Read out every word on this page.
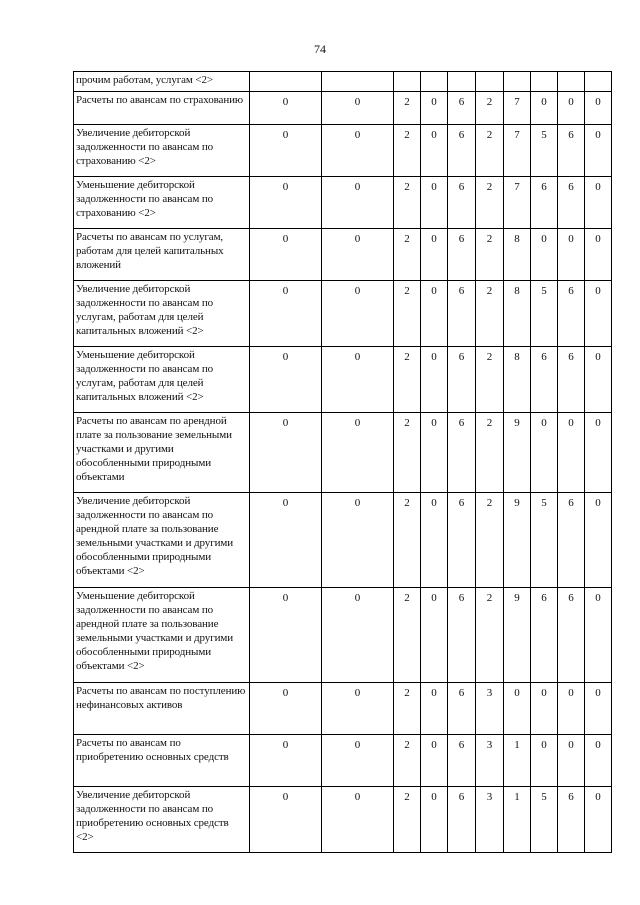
74
прочим работам, услугам <2>										
Расчеты по авансам по страхованию	0	0	2	0	6	2	7	0	0	0
Увеличение дебиторской задолженности по авансам по страхованию <2>	0	0	2	0	6	2	7	5	6	0
Уменьшение дебиторской задолженности по авансам по страхованию <2>	0	0	2	0	6	2	7	6	6	0
Расчеты по авансам по услугам, работам для целей капитальных вложений	0	0	2	0	6	2	8	0	0	0
Увеличение дебиторской задолженности по авансам по услугам, работам для целей капитальных вложений <2>	0	0	2	0	6	2	8	5	6	0
Уменьшение дебиторской задолженности по авансам по услугам, работам для целей капитальных вложений <2>	0	0	2	0	6	2	8	6	6	0
Расчеты по авансам по арендной плате за пользование земельными участками и другими обособленными природными объектами	0	0	2	0	6	2	9	0	0	0
Увеличение дебиторской задолженности по авансам по арендной плате за пользование земельными участками и другими обособленными природными объектами <2>	0	0	2	0	6	2	9	5	6	0
Уменьшение дебиторской задолженности по авансам по арендной плате за пользование земельными участками и другими обособленными природными объектами <2>	0	0	2	0	6	2	9	6	6	0
Расчеты по авансам по поступлению нефинансовых активов	0	0	2	0	6	3	0	0	0	0
Расчеты по авансам по приобретению основных средств	0	0	2	0	6	3	1	0	0	0
Увеличение дебиторской задолженности по авансам по приобретению основных средств <2>	0	0	2	0	6	3	1	5	6	0
